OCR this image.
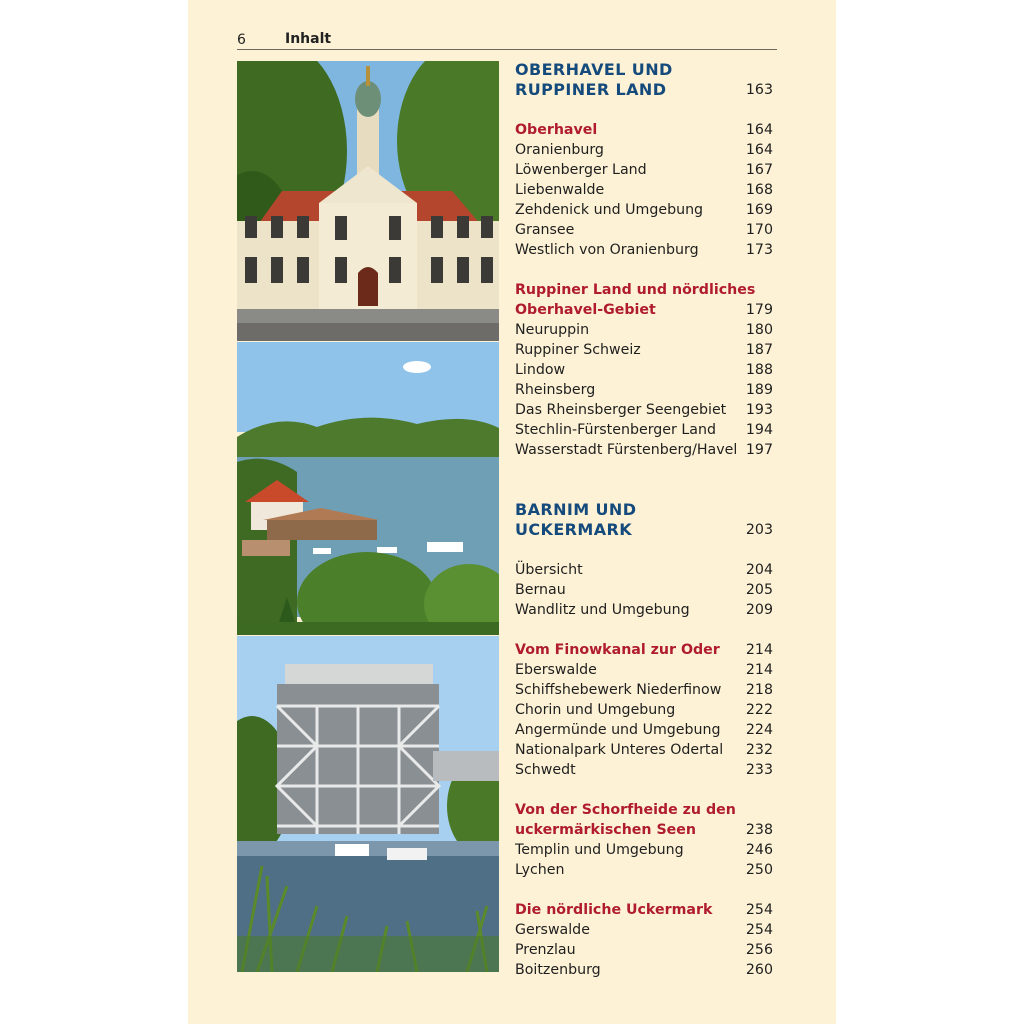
6	Inhalt
OBERHAVEL UND
RUPPINER LAND	163
Oberhavel	164
Oranienburg	164
Löwenberger Land	167
Liebenwalde	168
Zehdenick und Umgebung	169
Gransee	170
Westlich von Oranienburg	173
Ruppiner Land und nördliches
Oberhavel-Gebiet	179
Neuruppin	180
Ruppiner Schweiz	187
Lindow	188
Rheinsberg	189
Das Rheinsberger Seengebiet 193
Stechlin-Fürstenberger Land 194
Wasserstadt Fürstenberg/Havel 197
BARNIM UND
UCKERMARK	203
Übersicht	204
Bernau	205
Wandlitz und Umgebung	209
Vom Finowkanal zur Oder 214
Eberswalde	214
Schiffshebewerk Niederfinow 218
Chorin und Umgebung	222
Angermünde und Umgebung 224
Nationalpark Unteres Odertal 232
Schwedt	233
Von der Schorfheide zu den
uckermärkischen Seen	238
Templin und Umgebung	246
Lychen	250
Die nördliche Uckermark 254
Gerswalde	254
Prenzlau	256
Boitzenburg	260
